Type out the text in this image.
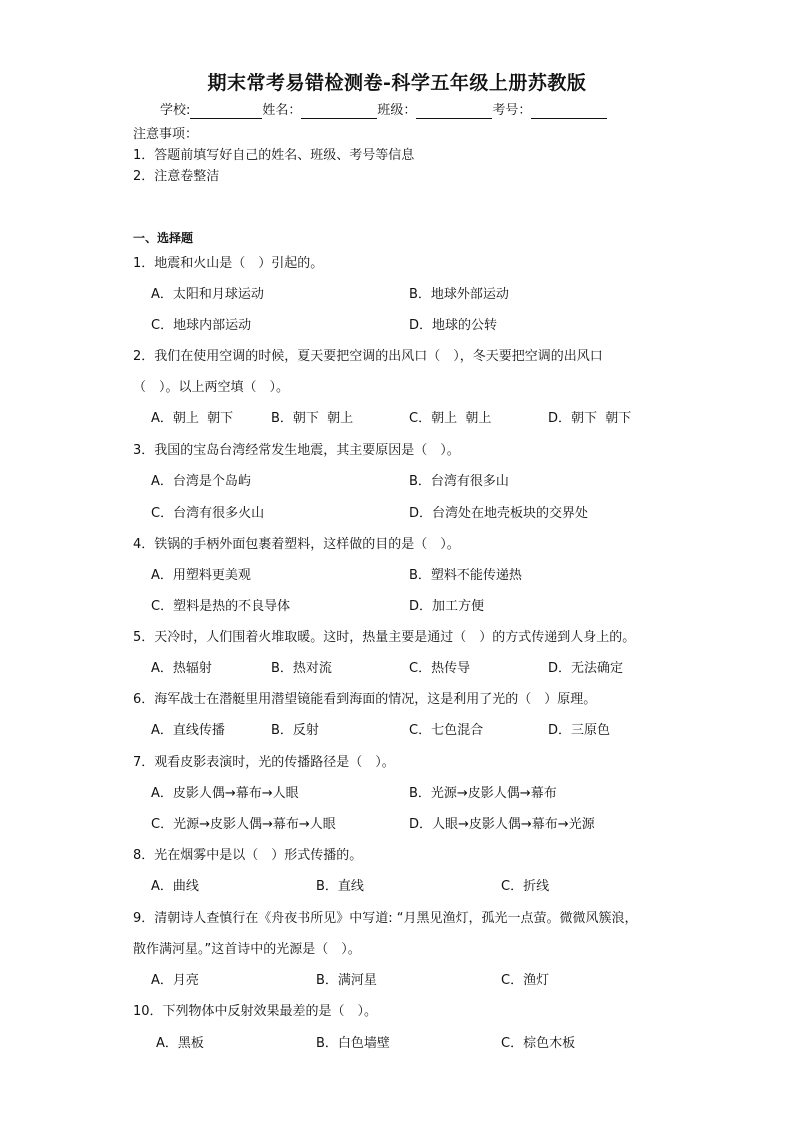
期末常考易错检测卷-科学五年级上册苏教版
学校:	姓名：	班级：	考号：
注意事项：
1．答题前填写好自己的姓名、班级、考号等信息
2．注意卷整洁
一、选择题
1．地震和火山是（　）引起的。
A．太阳和月球运动	B．地球外部运动
C．地球内部运动	D．地球的公转
2．我们在使用空调的时候，夏天要把空调的出风口（　），冬天要把空调的出风口
（　）。以上两空填（　）。
A．朝上  朝下	B．朝下  朝上	C．朝上  朝上	D．朝下  朝下
3．我国的宝岛台湾经常发生地震，其主要原因是（　）。
A．台湾是个岛屿	B．台湾有很多山
C．台湾有很多火山	D．台湾处在地壳板块的交界处
4．铁锅的手柄外面包裹着塑料，这样做的目的是（　）。
A．用塑料更美观	B．塑料不能传递热
C．塑料是热的不良导体	D．加工方便
5．天冷时，人们围着火堆取暖。这时，热量主要是通过（　）的方式传递到人身上的。
A．热辐射	B．热对流	C．热传导	D．无法确定
6．海军战士在潜艇里用潜望镜能看到海面的情况，这是利用了光的（　）原理。
A．直线传播	B．反射	C．七色混合	D．三原色
7．观看皮影表演时，光的传播路径是（　）。
A．皮影人偶→幕布→人眼	B．光源→皮影人偶→幕布
C．光源→皮影人偶→幕布→人眼	D．人眼→皮影人偶→幕布→光源
8．光在烟雾中是以（　）形式传播的。
A．曲线	B．直线	C．折线
9．清朝诗人查慎行在《舟夜书所见》中写道: “月黑见渔灯，孤光一点萤。微微风簇浪，
散作满河星。”这首诗中的光源是（　）。
A．月亮	B．满河星	C．渔灯
10．下列物体中反射效果最差的是（　）。
A．黑板	B．白色墙壁	C．棕色木板
